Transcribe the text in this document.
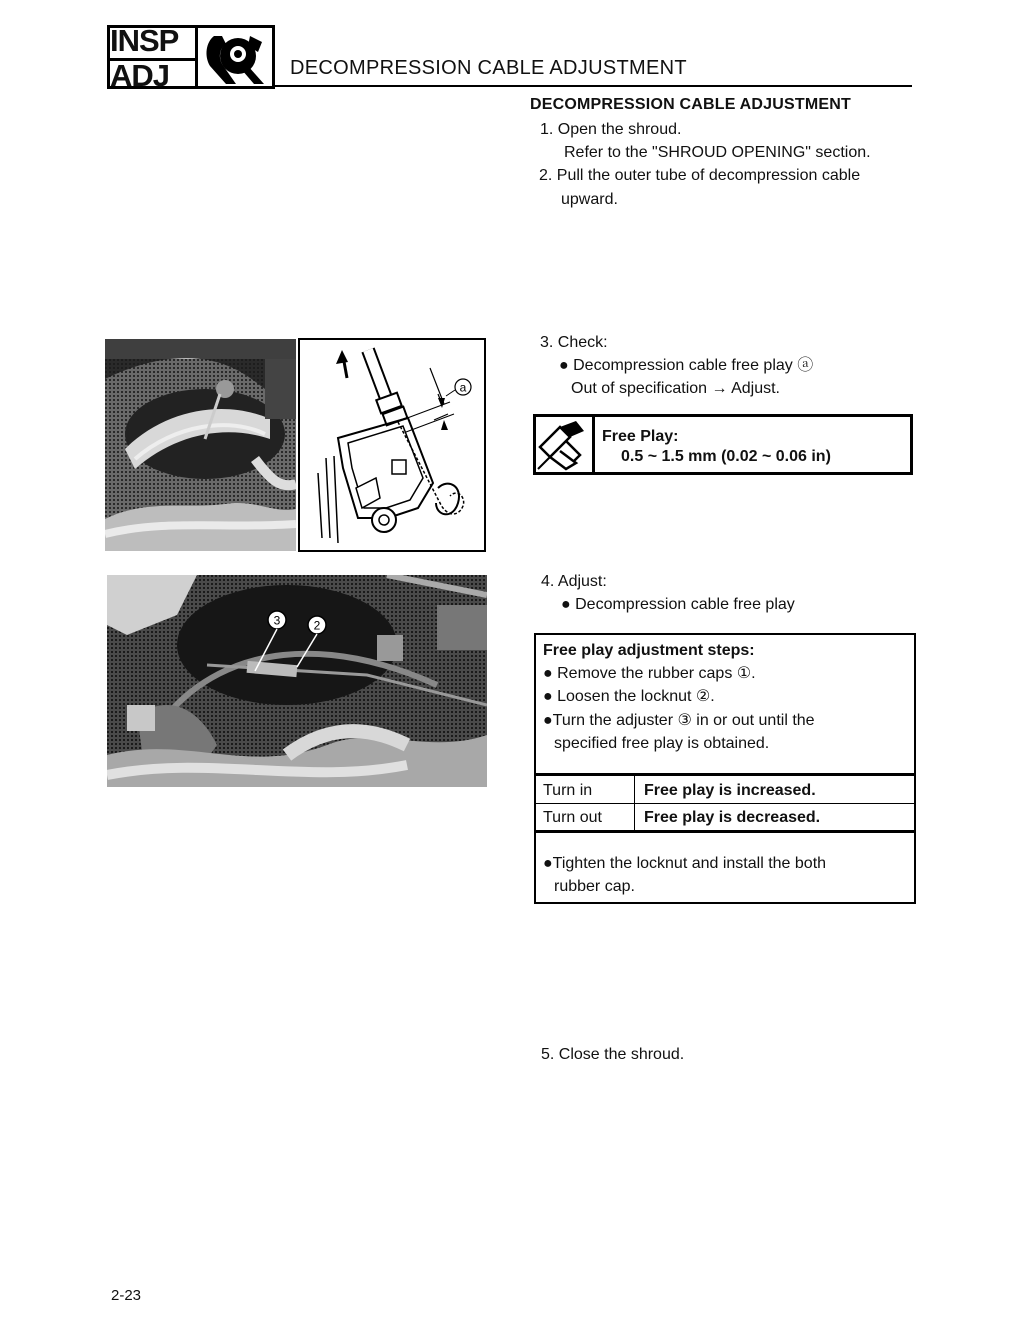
INSP
ADJ	DECOMPRESSION CABLE ADJUSTMENT
DECOMPRESSION CABLE ADJUSTMENT
1. Open the shroud.
Refer to the "SHROUD OPENING" section.
2. Pull the outer tube of decompression cable
upward.
a
3	2
3. Check:
● Decompression cable free play ⓐ
Out of specification → Adjust.
Free Play:
0.5 ~ 1.5 mm (0.02 ~ 0.06 in)
4. Adjust:
● Decompression cable free play
Free play adjustment steps:
● Remove the rubber caps ①.
● Loosen the locknut ②.
●Turn the adjuster ③ in or out until the
specified free play is obtained.
Turn in	Free play is increased.
Turn out	Free play is decreased.
●Tighten the locknut and install the both
rubber cap.
5. Close the shroud.
2-23
